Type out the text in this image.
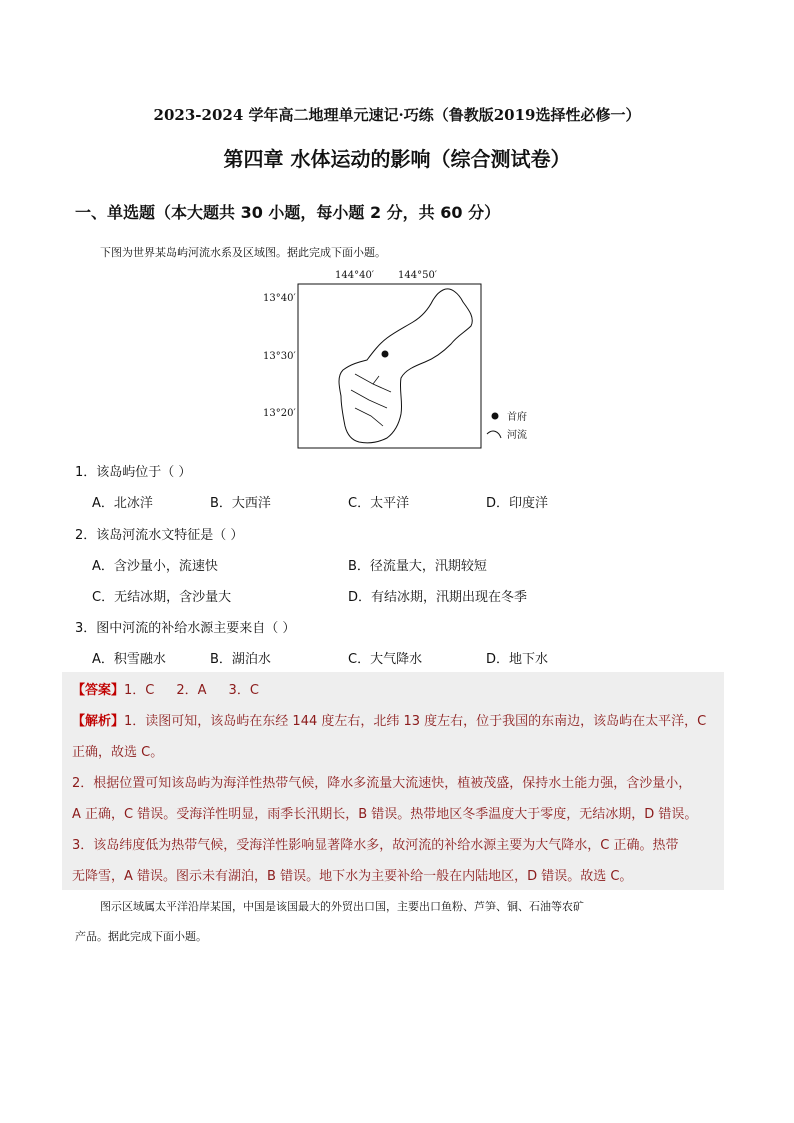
2023-2024 学年高二地理单元速记·巧练（鲁教版2019选择性必修一）
第四章 水体运动的影响（综合测试卷）
一、单选题（本大题共 30 小题，每小题 2 分，共 60 分）
下图为世界某岛屿河流水系及区域图。据此完成下面小题。
144°40′ 144°50′
13°40′
13°30′
13°20′	首府
河流
1．该岛屿位于（ ）
A．北冰洋	B．大西洋	C．太平洋	D．印度洋
2．该岛河流水文特征是（ ）
A．含沙量小，流速快	B．径流量大，汛期较短
C．无结冰期，含沙量大	D．有结冰期，汛期出现在冬季
3．图中河流的补给水源主要来自（ ）
A．积雪融水	B．湖泊水	C．大气降水	D．地下水
【答案】1．C 2．A 3．C
【解析】1．读图可知，该岛屿在东经 144 度左右，北纬 13 度左右，位于我国的东南边，该岛屿在太平洋，C
正确，故选 C。
2．根据位置可知该岛屿为海洋性热带气候，降水多流量大流速快，植被茂盛，保持水土能力强，含沙量小，
A 正确，C 错误。受海洋性明显，雨季长汛期长，B 错误。热带地区冬季温度大于零度，无结冰期，D 错误。
3．该岛纬度低为热带气候，受海洋性影响显著降水多，故河流的补给水源主要为大气降水，C 正确。热带
无降雪，A 错误。图示未有湖泊，B 错误。地下水为主要补给一般在内陆地区，D 错误。故选 C。
图示区域属太平洋沿岸某国，中国是该国最大的外贸出口国，主要出口鱼粉、芦笋、铜、石油等农矿
产品。据此完成下面小题。
